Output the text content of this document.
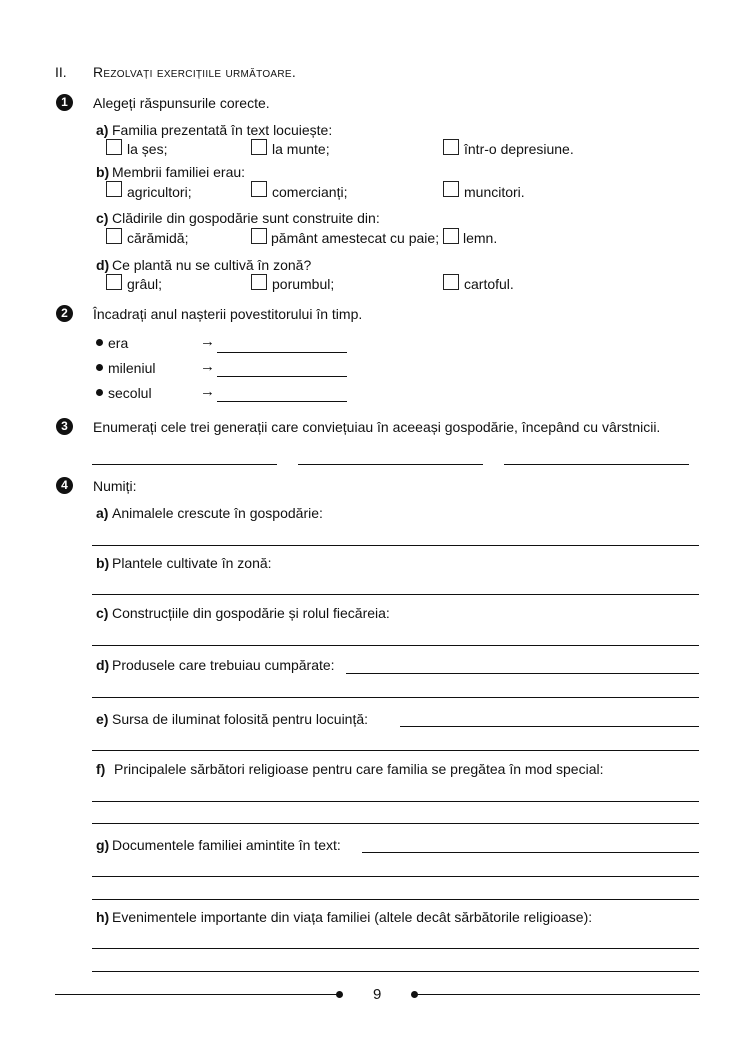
II. Rezolvați exercițiile următoare.
1	Alegeți răspunsurile corecte.
a) Familia prezentată în text locuiește:
la șes;	la munte;	într-o depresiune.
b) Membrii familiei erau:
agricultori;	comercianți;	muncitori.
c) Clădirile din gospodărie sunt construite din:
cărămidă;	pământ amestecat cu paie; lemn.
d) Ce plantă nu se cultivă în zonă?
grâul;	porumbul;	cartoful.
2	Încadrați anul nașterii povestitorului în timp.
era	→
mileniul	→
secolul	→
3	Enumerați cele trei generații care conviețuiau în aceeași gospodărie, începând cu vârstnicii.
4	Numiți:
a) Animalele crescute în gospodărie:
b) Plantele cultivate în zonă:
c) Construcțiile din gospodărie și rolul fiecăreia:
d) Produsele care trebuiau cumpărate:
e) Sursa de iluminat folosită pentru locuință:
f) Principalele sărbători religioase pentru care familia se pregătea în mod special:
g) Documentele familiei amintite în text:
h) Evenimentele importante din viața familiei (altele decât sărbătorile religioase):
9
